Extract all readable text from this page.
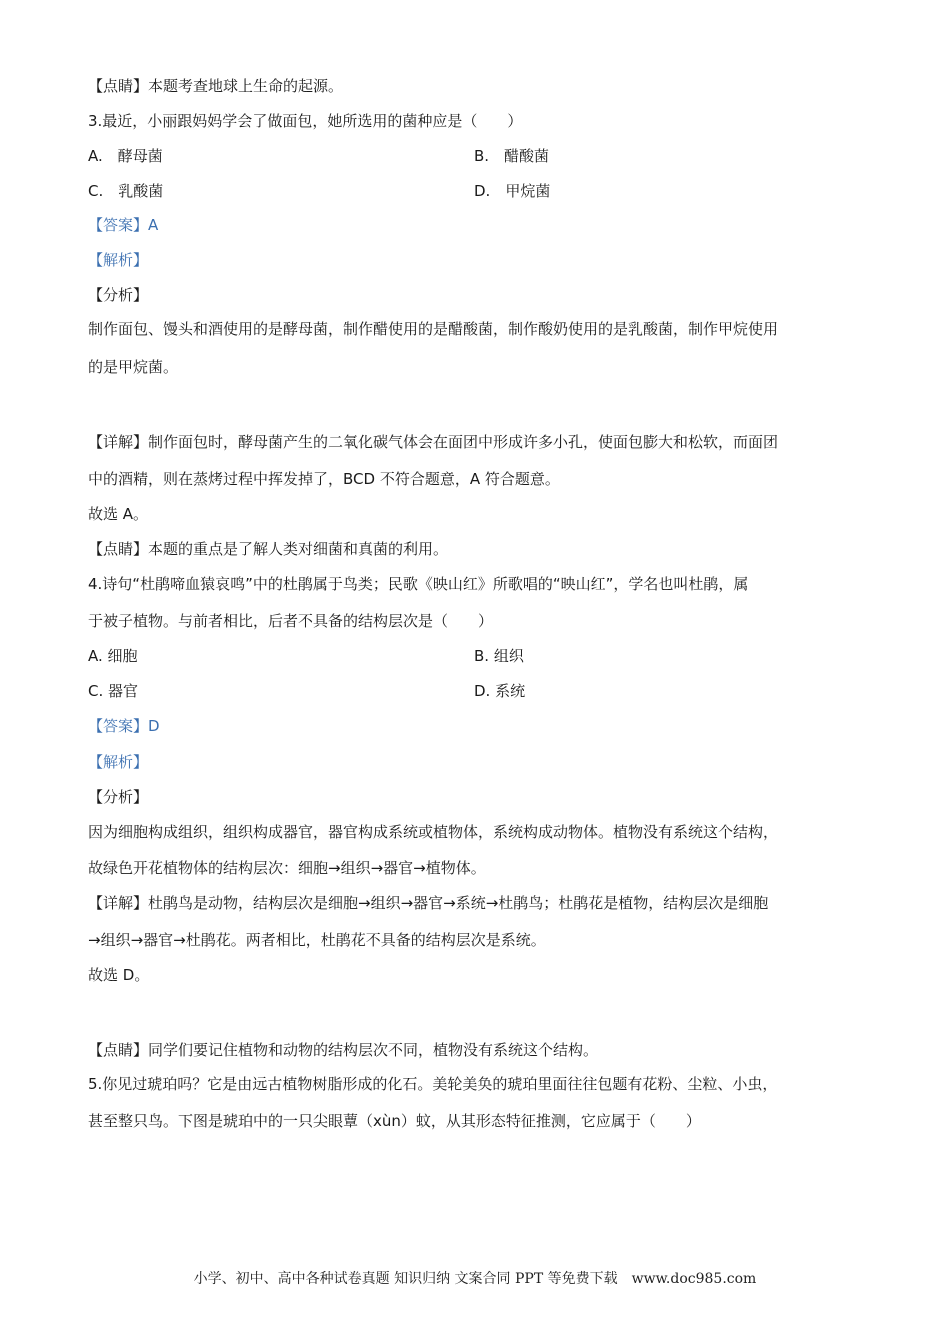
【点睛】本题考查地球上生命的起源。
3.最近，小丽跟妈妈学会了做面包，她所选用的菌种应是（　　）
A.　酵母菌	B.　醋酸菌
C.　乳酸菌	D.　甲烷菌
【答案】A
【解析】
【分析】
制作面包、馒头和酒使用的是酵母菌，制作醋使用的是醋酸菌，制作酸奶使用的是乳酸菌，制作甲烷使用
的是甲烷菌。
【详解】制作面包时，酵母菌产生的二氧化碳气体会在面团中形成许多小孔，使面包膨大和松软，而面团
中的酒精，则在蒸烤过程中挥发掉了，BCD 不符合题意，A 符合题意。
故选 A。
【点睛】本题的重点是了解人类对细菌和真菌的利用。
4.诗句“杜鹃啼血猿哀鸣”中的杜鹃属于鸟类；民歌《映山红》所歌唱的“映山红”，学名也叫杜鹃，属
于被子植物。与前者相比，后者不具备的结构层次是（　　）
A. 细胞	B. 组织
C. 器官	D. 系统
【答案】D
【解析】
【分析】
因为细胞构成组织，组织构成器官，器官构成系统或植物体，系统构成动物体。植物没有系统这个结构，
故绿色开花植物体的结构层次：细胞→组织→器官→植物体。
【详解】杜鹃鸟是动物，结构层次是细胞→组织→器官→系统→杜鹃鸟；杜鹃花是植物，结构层次是细胞
→组织→器官→杜鹃花。两者相比，杜鹃花不具备的结构层次是系统。
故选 D。
【点睛】同学们要记住植物和动物的结构层次不同，植物没有系统这个结构。
5.你见过琥珀吗？它是由远古植物树脂形成的化石。美轮美奂的琥珀里面往往包题有花粉、尘粒、小虫，
甚至整只鸟。下图是琥珀中的一只尖眼蕈（xùn）蚊，从其形态特征推测，它应属于（　　）
小学、初中、高中各种试卷真题 知识归纳 文案合同 PPT 等免费下载　www.doc985.com
